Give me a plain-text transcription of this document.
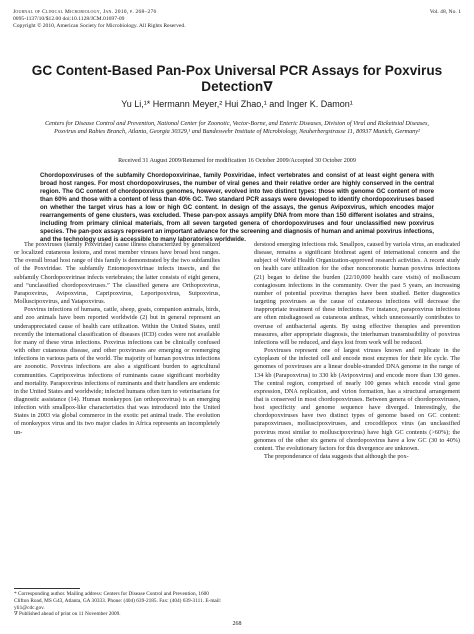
Journal of Clinical Microbiology, Jan. 2010, p. 268–276
0095-1137/10/$12.00 doi:10.1128/JCM.01697-09
Copyright © 2010, American Society for Microbiology. All Rights Reserved.
Vol. 48, No. 1
GC Content-Based Pan-Pox Universal PCR Assays for Poxvirus Detection∇
Yu Li,¹* Hermann Meyer,² Hui Zhao,¹ and Inger K. Damon¹
Centers for Disease Control and Prevention, National Center for Zoonotic, Vector-Borne, and Enteric Diseases, Division of Viral and Rickettsial Diseases, Poxvirus and Rabies Branch, Atlanta, Georgia 30329,¹ and Bundeswehr Institute of Microbiology, Neuherbergstrasse 11, 80937 Munich, Germany²
Received 31 August 2009/Returned for modification 16 October 2009/Accepted 30 October 2009
Chordopoxviruses of the subfamily Chordopoxvirinae, family Poxviridae, infect vertebrates and consist of at least eight genera with broad host ranges. For most chordopoxviruses, the number of viral genes and their relative order are highly conserved in the central region. The GC content of chordopoxvirus genomes, however, evolved into two distinct types: those with genome GC content of more than 60% and those with a content of less than 40% GC. Two standard PCR assays were developed to identify chordopoxviruses based on whether the target virus has a low or high GC content. In design of the assays, the genus Avipoxvirus, which encodes major rearrangements of gene clusters, was excluded. These pan-pox assays amplify DNA from more than 150 different isolates and strains, including from primary clinical materials, from all seven targeted genera of chordopoxviruses and four unclassified new poxvirus species. The pan-pox assays represent an important advance for the screening and diagnosis of human and animal poxvirus infections, and the technology used is accessible to many laboratories worldwide.

The poxviruses (family Poxviridae) cause illness characterized by generalized or localized cutaneous lesions, and most member viruses have broad host ranges. The overall broad host range of this family is demonstrated by the two subfamilies of the Poxviridae. The subfamily Entomopoxvirinae infects insects, and the subfamily Chordopoxvirinae infects vertebrates; the latter consists of eight genera, and “unclassified chordopoxviruses.” The classified genera are Orthopoxvirus, Parapoxvirus, Avipoxvirus, Capripoxvirus, Leporipoxvirus, Suipoxvirus, Molluscipoxvirus, and Yatapoxvirus.

Poxvirus infections of humans, cattle, sheep, goats, companion animals, birds, and zoo animals have been reported worldwide (2) but in general represent an underappreciated cause of health care utilization. Within the United States, until recently the international classification of diseases (ICD) codes were not available for many of these virus infections. Poxvirus infections can be clinically confused with other cutaneous disease, and other poxviruses are emerging or reemerging infections in various parts of the world. The majority of human poxvirus infections are zoonotic. Poxvirus infections are also a significant burden to agricultural communities. Capripoxvirus infections of ruminants cause significant morbidity and mortality. Parapoxvirus infections of ruminants and their handlers are endemic in the United States and worldwide; infected humans often turn to veterinarians for diagnostic assistance (14). Human monkeypox (an orthopoxvirus) is an emerging infection with smallpox-like characteristics that was introduced into the United States in 2003 via global commerce in the exotic pet animal trade. The evolution of monkeypox virus and its two major clades in Africa represents an incompletely un-

derstood emerging infectious risk. Smallpox, caused by variola virus, an eradicated disease, remains a significant biothreat agent of international concern and the subject of World Health Organization-approved research activities. A recent study on health care utilization for the other noncoronotic human poxvirus infections (21) began to define the burden (22/10,000 health care visits) of molluscum contagiosum infections in the community. Over the past 5 years, an increasing number of potential poxvirus therapies have been studied. Better diagnostics targeting poxviruses as the cause of cutaneous infections will decrease the inappropriate treatment of these infections. For instance, parapoxvirus infections are often misdiagnosed as cutaneous anthrax, which unnecessarily contributes to overuse of antibacterial agents. By using effective therapies and prevention measures, after appropriate diagnosis, the interhuman transmissibility of poxvirus infections will be reduced, and days lost from work will be reduced.

Poxviruses represent one of largest viruses known and replicate in the cytoplasm of the infected cell and encode most enzymes for their life cycle. The genomes of poxviruses are a linear double-stranded DNA genome in the range of 134 kb (Parapoxvirus) to 330 kb (Avipoxvirus) and encode more than 130 genes. The central region, comprised of nearly 100 genes which encode viral gene expression, DNA replication, and virion formation, has a structural arrangement that is conserved in most chordopoxviruses. Between genera of chordopoxviruses, host specificity and genome sequence have diverged. Interestingly, the chordopoxviruses have two distinct types of genome based on GC content: parapoxviruses, molluscipoxviruses, and crocodilepox virus (an unclassified poxvirus most similar to molluscipoxvirus) have high GC contents (>60%); the genomes of the other six genera of chordopoxvirus have a low GC (30 to 40%) content. The evolutionary factors for this divergence are unknown.

The preponderance of data suggests that although the pox-

* Corresponding author. Mailing address: Centers for Disease Control and Prevention, 1600 Clifton Road, MS G43, Atlanta, GA 30333. Phone: (404) 639-2185. Fax: (404) 639-3111. E-mail: yli1@cdc.gov.

∇ Published ahead of print on 11 November 2009.

268
